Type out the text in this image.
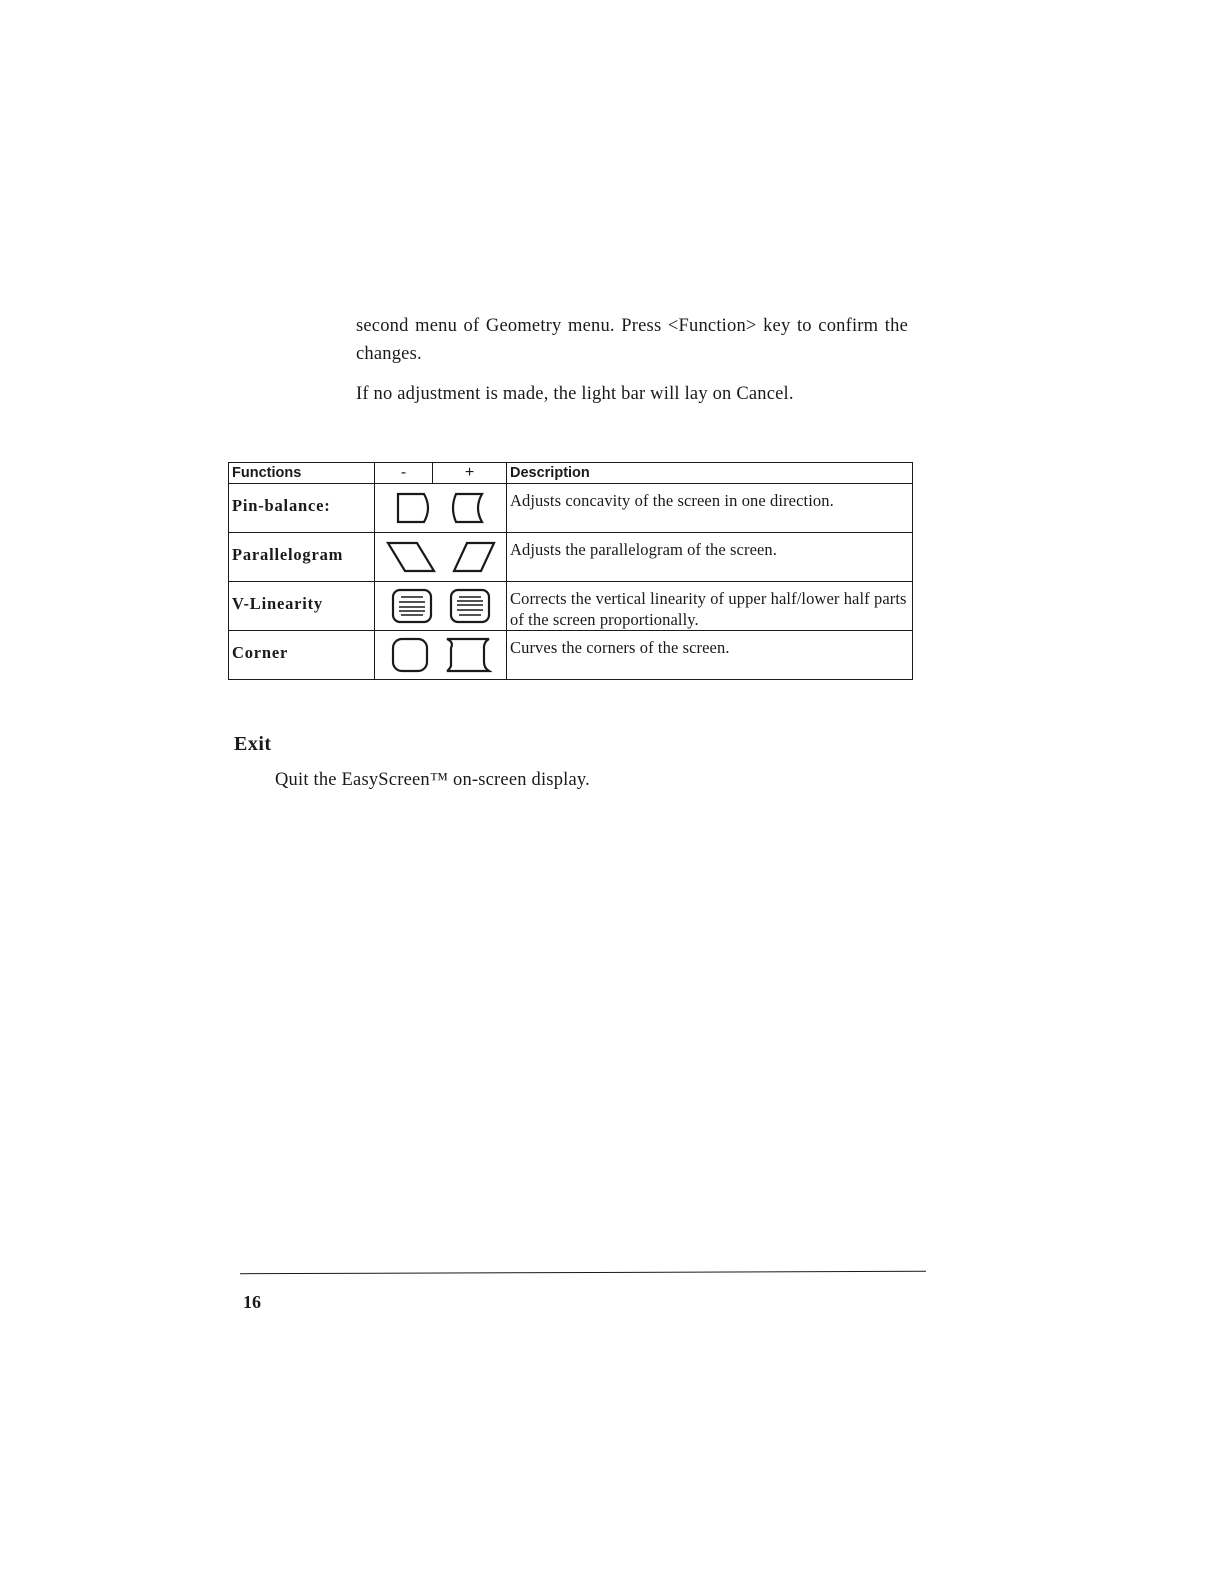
second menu of Geometry menu. Press <Function> key to confirm the changes.

If no adjustment is made, the light bar will lay on Cancel.

Functions	-	+	Description
Pin-balance:			Adjusts concavity of the screen in one direction.
Parallelogram			Adjusts the parallelogram of the screen.
V-Linearity			Corrects the vertical linearity of upper half/lower half parts of the screen proportionally.
Corner			Curves the corners of the screen.
Exit

Quit the EasyScreen™ on-screen display.

16
